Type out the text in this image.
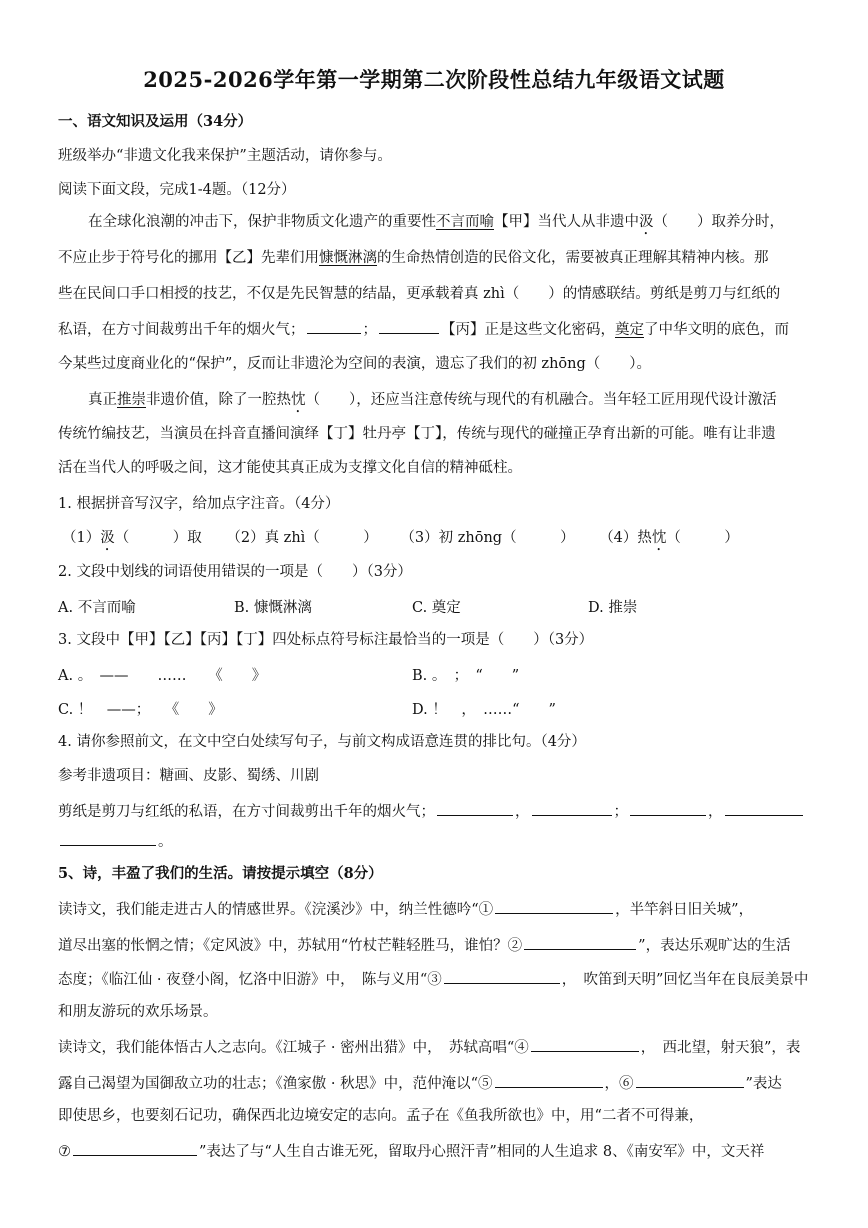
2025-2026学年第一学期第二次阶段性总结九年级语文试题
一、语文知识及运用（34分）
班级举办“非遗文化我来保护”主题活动，请你参与。
阅读下面文段，完成1-4题。（12分）
在全球化浪潮的冲击下，保护非物质文化遗产的重要性不言而喻【甲】当代人从非遗中汲（　　）取养分时，
不应止步于符号化的挪用【乙】先辈们用慷慨淋漓的生命热情创造的民俗文化，需要被真正理解其精神内核。那
些在民间口手口相授的技艺，不仅是先民智慧的结晶，更承载着真 zhì（　　）的情感联结。剪纸是剪刀与红纸的
私语，在方寸间裁剪出千年的烟火气；	；	【丙】正是这些文化密码，奠定了中华文明的底色，而
今某些过度商业化的“保护”，反而让非遗沦为空间的表演，遗忘了我们的初 zhōng（　　）。
真正推崇非遗价值，除了一腔热忱（　　），还应当注意传统与现代的有机融合。当年轻工匠用现代设计激活
传统竹编技艺，当演员在抖音直播间演绎【丁】牡丹亭【丁】，传统与现代的碰撞正孕育出新的可能。唯有让非遗
活在当代人的呼吸之间，这才能使其真正成为支撑文化自信的精神砥柱。
1. 根据拼音写汉字，给加点字注音。（4分）
（1）汲（　　　）取 （2）真 zhì（　　　） （3）初 zhōng（　　　） （4）热忱（　　　）
2. 文段中划线的词语使用错误的一项是（　　）（3分）
A. 不言而喻	B. 慷慨淋漓	C. 奠定	D. 推崇
3. 文段中【甲】【乙】【丙】【丁】四处标点符号标注最恰当的一项是（　　）（3分）
A. 。　——　　……　　《　　》	B. 。　；　“　　”
C. ！　——；　　《　　》	D. ！　，　……“　　”
4. 请你参照前文，在文中空白处续写句子，与前文构成语意连贯的排比句。（4分）
参考非遗项目：糖画、皮影、蜀绣、川剧
剪纸是剪刀与红纸的私语，在方寸间裁剪出千年的烟火气；	，	；	，
。
5、诗，丰盈了我们的生活。请按提示填空（8分）
读诗文，我们能走进古人的情感世界。《浣溪沙》中，纳兰性德吟“①	，半竿斜日旧关城”，
道尽出塞的怅惘之情；《定风波》中，苏轼用“竹杖芒鞋轻胜马，谁怕？②	”，表达乐观旷达的生活
态度；《临江仙 · 夜登小阁，忆洛中旧游》中，　陈与义用“③	，　吹笛到天明”回忆当年在良辰美景中
和朋友游玩的欢乐场景。
读诗文，我们能体悟古人之志向。《江城子 · 密州出猎》中，　苏轼高唱“④	，　西北望，射天狼”，表
露自己渴望为国御敌立功的壮志；《渔家傲 · 秋思》中，范仲淹以“⑤	，⑥	”表达
即使思乡，也要刻石记功，确保西北边境安定的志向。孟子在《鱼我所欲也》中，用“二者不可得兼，
⑦	”表达了与“人生自古谁无死，留取丹心照汗青”相同的人生追求 8、《南安军》中，文天祥
